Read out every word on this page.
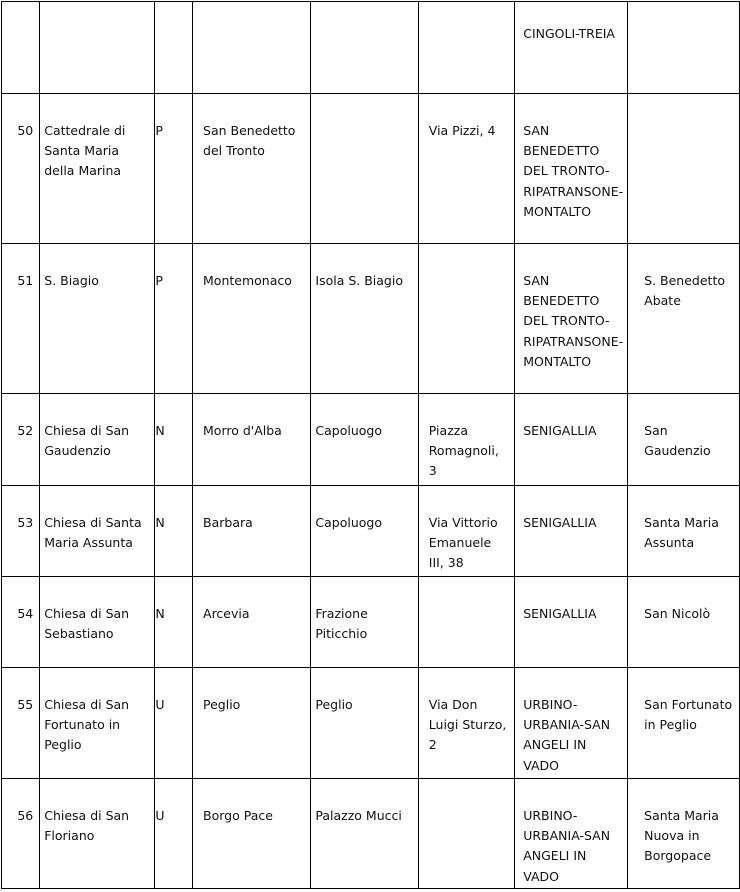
						CINGOLI-TREIA	

50	Cattedrale di Santa Maria della Marina	P	San Benedetto del Tronto		Via Pizzi, 4	SAN BENEDETTO DEL TRONTO-RIPATRANSONE-MONTALTO	

51	S. Biagio	P	Montemonaco	Isola S. Biagio		SAN BENEDETTO DEL TRONTO-RIPATRANSONE-MONTALTO	S. Benedetto Abate

52	Chiesa di San Gaudenzio	N	Morro d'Alba	Capoluogo	Piazza Romagnoli, 3	SENIGALLIA	San Gaudenzio

53	Chiesa di Santa Maria Assunta	N	Barbara	Capoluogo	Via Vittorio Emanuele III, 38	SENIGALLIA	Santa Maria Assunta

54	Chiesa di San Sebastiano	N	Arcevia	Frazione Piticchio		SENIGALLIA	San Nicolò

55	Chiesa di San Fortunato in Peglio	U	Peglio	Peglio	Via Don Luigi Sturzo, 2	URBINO-URBANIA-SAN ANGELI IN VADO	San Fortunato in Peglio

56	Chiesa di San Floriano	U	Borgo Pace	Palazzo Mucci		URBINO-URBANIA-SAN ANGELI IN VADO	Santa Maria Nuova in Borgopace
